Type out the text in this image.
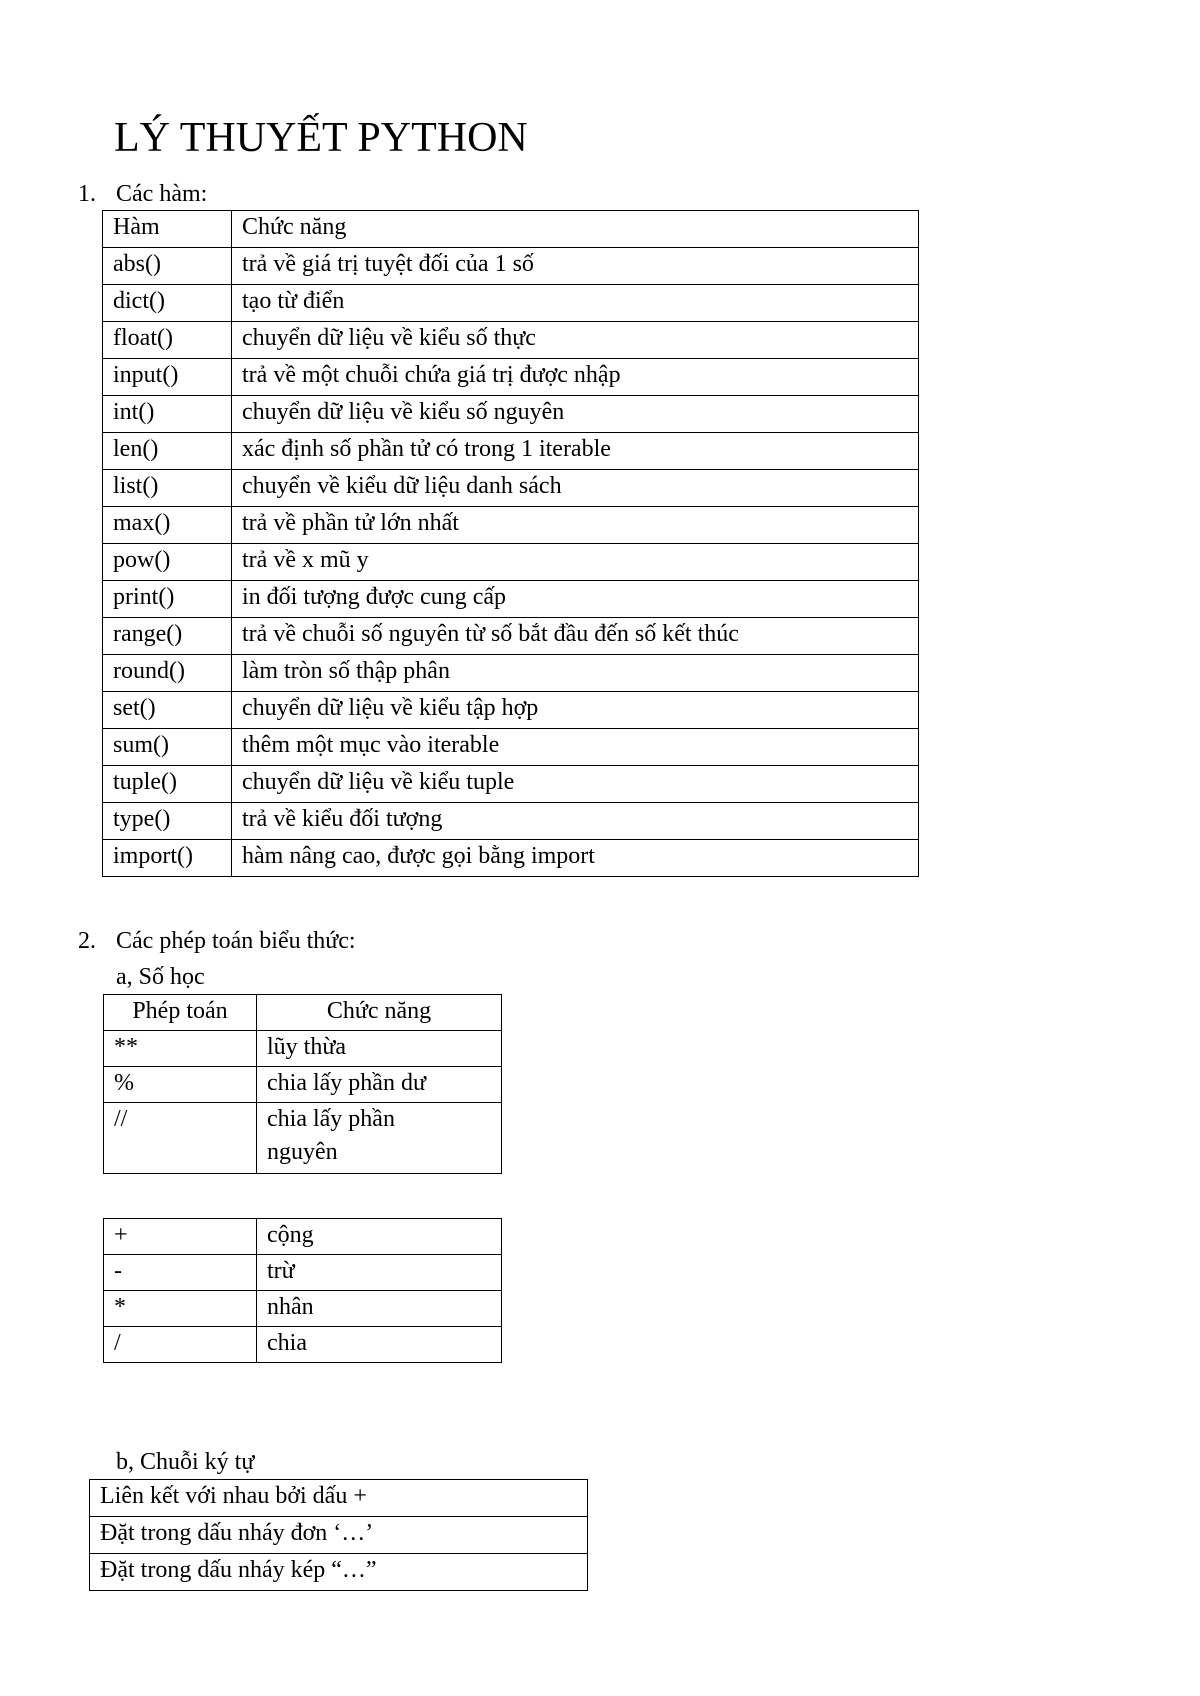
LÝ THUYẾT PYTHON
1. Các hàm:
Hàm	Chức năng
abs()	trả về giá trị tuyệt đối của 1 số
dict()	tạo từ điển
float()	chuyển dữ liệu về kiểu số thực
input()	trả về một chuỗi chứa giá trị được nhập
int()	chuyển dữ liệu về kiểu số nguyên
len()	xác định số phần tử có trong 1 iterable
list()	chuyển về kiểu dữ liệu danh sách
max()	trả về phần tử lớn nhất
pow()	trả về x mũ y
print()	in đối tượng được cung cấp
range()	trả về chuỗi số nguyên từ số bắt đầu đến số kết thúc
round()	làm tròn số thập phân
set()	chuyển dữ liệu về kiểu tập hợp
sum()	thêm một mục vào iterable
tuple()	chuyển dữ liệu về kiểu tuple
type()	trả về kiểu đối tượng
import()	hàm nâng cao, được gọi bằng import
2. Các phép toán biểu thức:
a, Số học
Phép toán	Chức năng
**	lũy thừa
%	chia lấy phần dư
//	chia lấy phần nguyên
+	cộng
-	trừ
*	nhân
/	chia
b, Chuỗi ký tự
Liên kết với nhau bởi dấu +
Đặt trong dấu nháy đơn ‘…’
Đặt trong dấu nháy kép “…”
